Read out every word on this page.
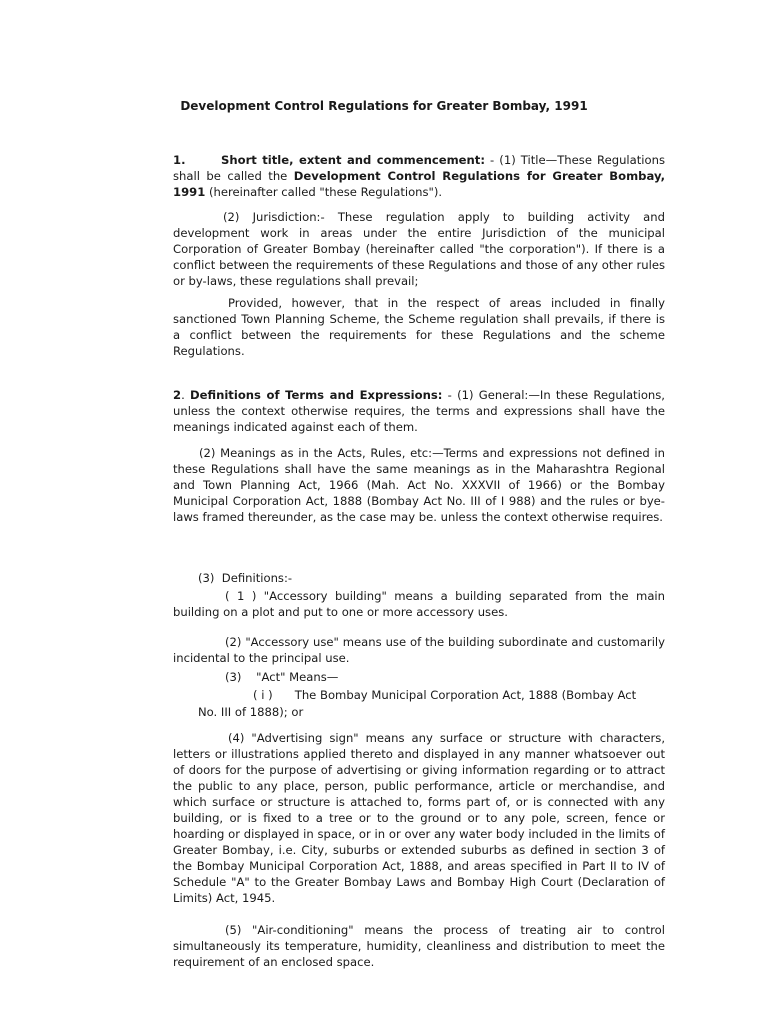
Development Control Regulations for Greater Bombay, 1991

1.	Short title, extent and commencement: - (1) Title—These Regulations shall be called the Development Control Regulations for Greater Bombay, 1991 (hereinafter called "these Regulations").

(2) Jurisdiction:- These regulation apply to building activity and development work in areas under the entire Jurisdiction of the municipal Corporation of Greater Bombay (hereinafter called "the corporation"). If there is a conflict between the requirements of these Regulations and those of any other rules or by-laws, these regulations shall prevail;

Provided, however, that in the respect of areas included in finally sanctioned Town Planning Scheme, the Scheme regulation shall prevails, if there is a conflict between the requirements for these Regulations and the scheme Regulations.

2. Definitions of Terms and Expressions: - (1) General:—In these Regulations, unless the context otherwise requires, the terms and expressions shall have the meanings indicated against each of them.

(2) Meanings as in the Acts, Rules, etc:—Terms and expressions not defined in these Regulations shall have the same meanings as in the Maharashtra Regional and Town Planning Act, 1966 (Mah. Act No. XXXVII of 1966) or the Bombay Municipal Corporation Act, 1888 (Bombay Act No. III of I 988) and the rules or bye-laws framed thereunder, as the case may be. unless the context otherwise requires.

(3)  Definitions:-

( 1 ) "Accessory building" means a building separated from the main building on a plot and put to one or more accessory uses.

(2) "Accessory use" means use of the building subordinate and customarily incidental to the principal use.

(3)    "Act" Means—
( i )      The Bombay Municipal Corporation Act, 1888 (Bombay Act
No. III of 1888); or

(4) "Advertising sign" means any surface or structure with characters, letters or illustrations applied thereto and displayed in any manner whatsoever out of doors for the purpose of advertising or giving information regarding or to attract the public to any place, person, public performance, article or merchandise, and which surface or structure is attached to, forms part of, or is connected with any building, or is fixed to a tree or to the ground or to any pole, screen, fence or hoarding or displayed in space, or in or over any water body included in the limits of Greater Bombay, i.e. City, suburbs or extended suburbs as defined in section 3 of the Bombay Municipal Corporation Act, 1888, and areas specified in Part II to IV of Schedule "A" to the Greater Bombay Laws and Bombay High Court (Declaration of Limits) Act, 1945.

(5) "Air-conditioning" means the process of treating air to control simultaneously its temperature, humidity, cleanliness and distribution to meet the requirement of an enclosed space.
